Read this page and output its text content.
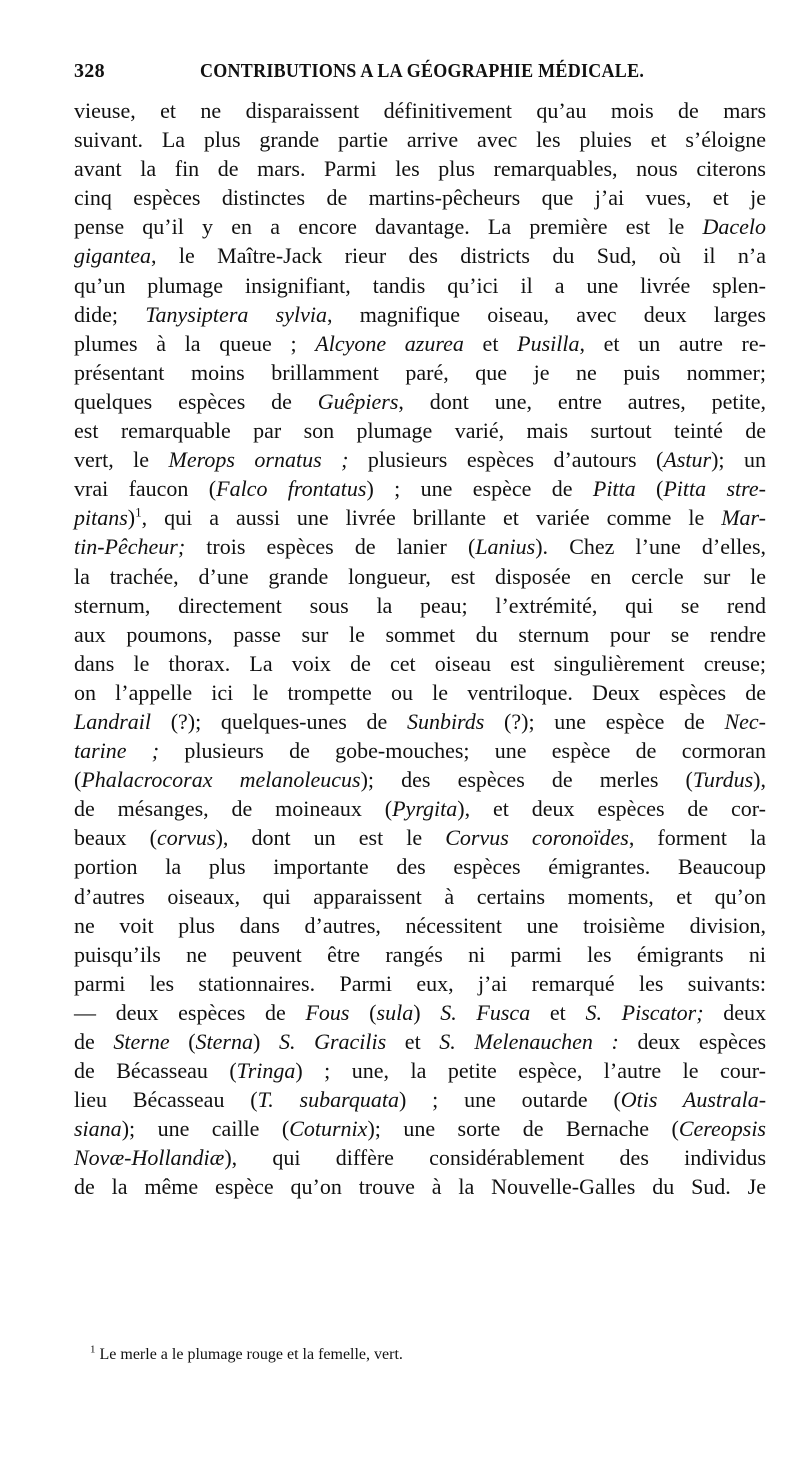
328	CONTRIBUTIONS A LA GÉOGRAPHIE MÉDICALE.
vieuse, et ne disparaissent définitivement qu’au mois de mars
suivant. La plus grande partie arrive avec les pluies et s’éloigne
avant la fin de mars. Parmi les plus remarquables, nous citerons
cinq espèces distinctes de martins-pêcheurs que j’ai vues, et je
pense qu’il y en a encore davantage. La première est le Dacelo
gigantea, le Maître-Jack rieur des districts du Sud, où il n’a
qu’un plumage insignifiant, tandis qu’ici il a une livrée splen-
dide; Tanysiptera sylvia, magnifique oiseau, avec deux larges
plumes à la queue ; Alcyone azurea et Pusilla, et un autre re-
présentant moins brillamment paré, que je ne puis nommer;
quelques espèces de Guêpiers, dont une, entre autres, petite,
est remarquable par son plumage varié, mais surtout teinté de
vert, le Merops ornatus ; plusieurs espèces d’autours (Astur); un
vrai faucon (Falco frontatus) ; une espèce de Pitta (Pitta stre-
pitans)$^1$, qui a aussi une livrée brillante et variée comme le Mar-
tin-Pêcheur; trois espèces de lanier (Lanius). Chez l’une d’elles,
la trachée, d’une grande longueur, est disposée en cercle sur le
sternum, directement sous la peau; l’extrémité, qui se rend
aux poumons, passe sur le sommet du sternum pour se rendre
dans le thorax. La voix de cet oiseau est singulièrement creuse;
on l’appelle ici le trompette ou le ventriloque. Deux espèces de
Landrail (?); quelques-unes de Sunbirds (?); une espèce de Nec-
tarine ; plusieurs de gobe-mouches; une espèce de cormoran
(Phalacrocorax melanoleucus); des espèces de merles (Turdus),
de mésanges, de moineaux (Pyrgita), et deux espèces de cor-
beaux (corvus), dont un est le Corvus coronoïdes, forment la
portion la plus importante des espèces émigrantes. Beaucoup
d’autres oiseaux, qui apparaissent à certains moments, et qu’on
ne voit plus dans d’autres, nécessitent une troisième division,
puisqu’ils ne peuvent être rangés ni parmi les émigrants ni
parmi les stationnaires. Parmi eux, j’ai remarqué les suivants:
— deux espèces de Fous (sula) S. Fusca et S. Piscator; deux
de Sterne (Sterna) S. Gracilis et S. Melenauchen : deux espèces
de Bécasseau (Tringa) ; une, la petite espèce, l’autre le cour-
lieu Bécasseau (T. subarquata) ; une outarde (Otis Australa-
siana); une caille (Coturnix); une sorte de Bernache (Cereopsis
Novæ-Hollandiæ), qui diffère considérablement des individus
de la même espèce qu’on trouve à la Nouvelle-Galles du Sud. Je
$^1$ Le merle a le plumage rouge et la femelle, vert.
